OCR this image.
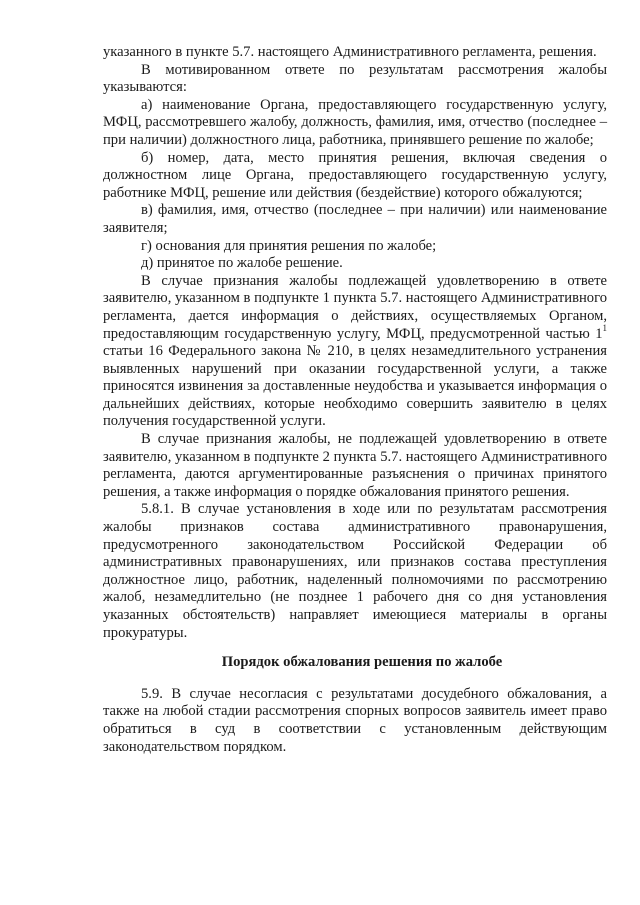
указанного в пункте 5.7. настоящего Административного регламента, решения.

В мотивированном ответе по результатам рассмотрения жалобы указываются:

а) наименование Органа, предоставляющего государственную услугу, МФЦ, рассмотревшего жалобу, должность, фамилия, имя, отчество (последнее – при наличии) должностного лица, работника, принявшего решение по жалобе;

б) номер, дата, место принятия решения, включая сведения о должностном лице Органа, предоставляющего государственную услугу, работнике МФЦ, решение или действия (бездействие) которого обжалуются;

в) фамилия, имя, отчество (последнее – при наличии) или наименование заявителя;

г) основания для принятия решения по жалобе;

д) принятое по жалобе решение.

В случае признания жалобы подлежащей удовлетворению в ответе заявителю, указанном в подпункте 1 пункта 5.7. настоящего Административного регламента, дается информация о действиях, осуществляемых Органом, предоставляющим государственную услугу, МФЦ, предусмотренной частью $1^1$ статьи 16 Федерального закона № 210, в целях незамедлительного устранения выявленных нарушений при оказании государственной услуги, а также приносятся извинения за доставленные неудобства и указывается информация о дальнейших действиях, которые необходимо совершить заявителю в целях получения государственной услуги.

В случае признания жалобы, не подлежащей удовлетворению в ответе заявителю, указанном в подпункте 2 пункта 5.7. настоящего Административного регламента, даются аргументированные разъяснения о причинах принятого решения, а также информация о порядке обжалования принятого решения.

5.8.1. В случае установления в ходе или по результатам рассмотрения жалобы признаков состава административного правонарушения, предусмотренного законодательством Российской Федерации об административных правонарушениях, или признаков состава преступления должностное лицо, работник, наделенный полномочиями по рассмотрению жалоб, незамедлительно (не позднее 1 рабочего дня со дня установления указанных обстоятельств) направляет имеющиеся материалы в органы прокуратуры.

Порядок обжалования решения по жалобе

5.9. В случае несогласия с результатами досудебного обжалования, а также на любой стадии рассмотрения спорных вопросов заявитель имеет право обратиться в суд в соответствии с установленным действующим законодательством порядком.
